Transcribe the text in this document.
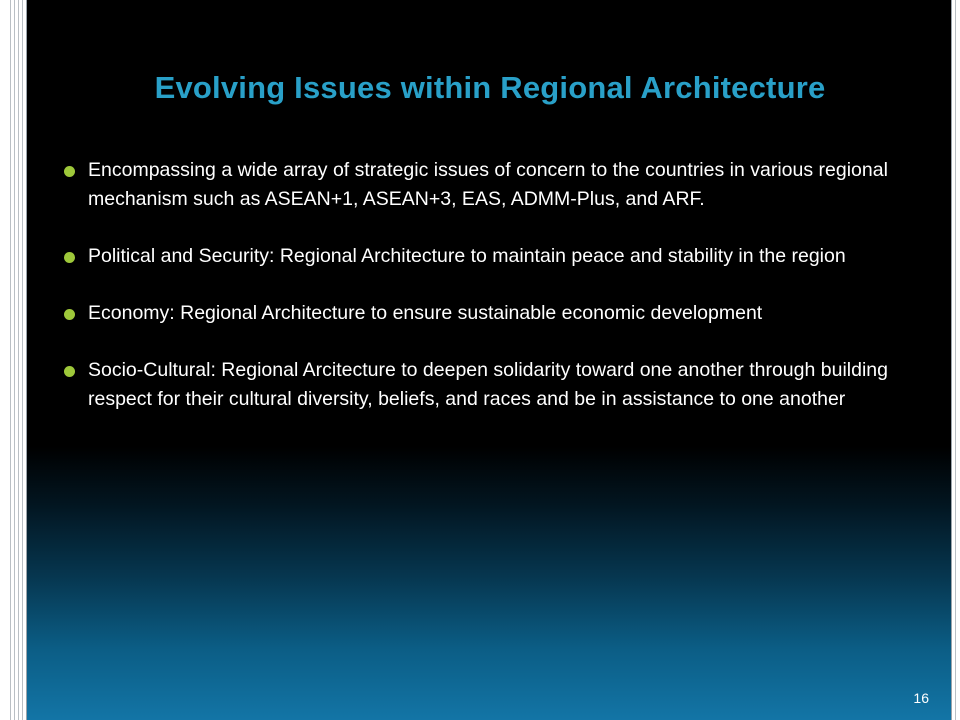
Evolving Issues within Regional Architecture
Encompassing a wide array of strategic issues of concern to the countries in various regional mechanism such as ASEAN+1, ASEAN+3, EAS, ADMM-Plus, and ARF.
Political and Security: Regional Architecture to maintain peace and stability in the region
Economy: Regional Architecture to ensure sustainable economic development
Socio-Cultural: Regional Arcitecture to deepen solidarity toward one another through building respect for their cultural diversity, beliefs, and races and be in assistance to one another
16
